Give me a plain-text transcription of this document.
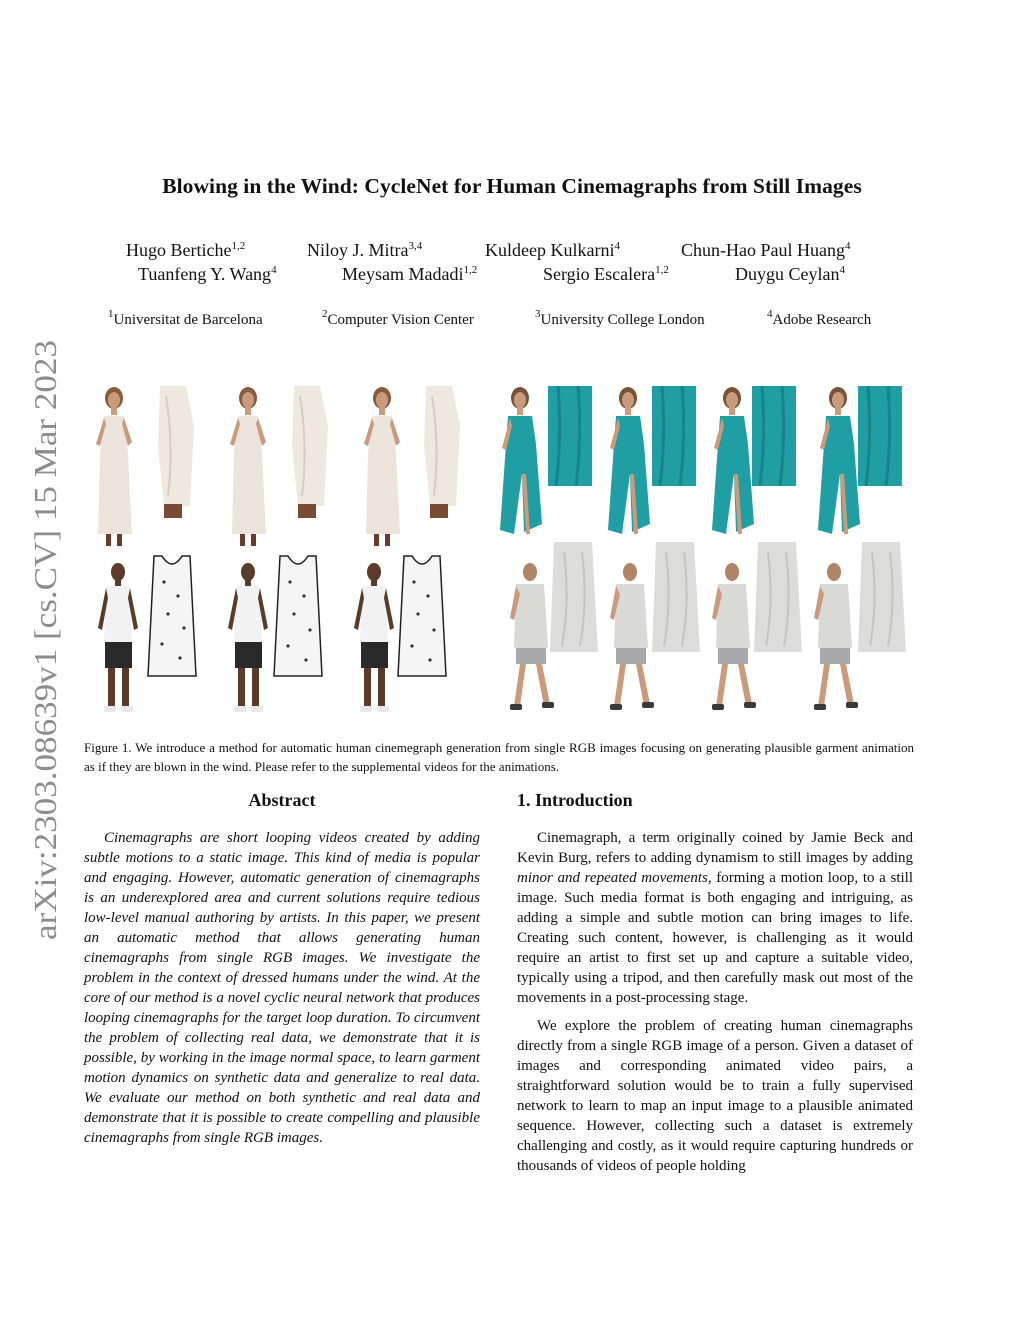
arXiv:2303.08639v1 [cs.CV] 15 Mar 2023
Blowing in the Wind: CycleNet for Human Cinemagraphs from Still Images
Hugo Bertiche$^{1,2}$	Niloy J. Mitra$^{3,4}$	Kuldeep Kulkarni$^4$	Chun-Hao Paul Huang$^4$
Tuanfeng Y. Wang$^4$	Meysam Madadi$^{1,2}$	Sergio Escalera$^{1,2}$	Duygu Ceylan$^4$
$^1$Universitat de Barcelona	$^2$Computer Vision Center	$^3$University College London	$^4$Adobe Research
Figure 1. We introduce a method for automatic human cinemegraph generation from single RGB images focusing on generating plausible garment animation as if they are blown in the wind. Please refer to the supplemental videos for the animations.
Abstract

Cinemagraphs are short looping videos created by adding subtle motions to a static image. This kind of media is popular and engaging. However, automatic generation of cinemagraphs is an underexplored area and current solutions require tedious low-level manual authoring by artists. In this paper, we present an automatic method that allows generating human cinemagraphs from single RGB images. We investigate the problem in the context of dressed humans under the wind. At the core of our method is a novel cyclic neural network that produces looping cinemagraphs for the target loop duration. To circumvent the problem of collecting real data, we demonstrate that it is possible, by working in the image normal space, to learn garment motion dynamics on synthetic data and generalize to real data. We evaluate our method on both synthetic and real data and demonstrate that it is possible to create compelling and plausible cinemagraphs from single RGB images.

1. Introduction

Cinemagraph, a term originally coined by Jamie Beck and Kevin Burg, refers to adding dynamism to still images by adding minor and repeated movements, forming a motion loop, to a still image. Such media format is both engaging and intriguing, as adding a simple and subtle motion can bring images to life. Creating such content, however, is challenging as it would require an artist to first set up and capture a suitable video, typically using a tripod, and then carefully mask out most of the movements in a post-processing stage.

We explore the problem of creating human cinemagraphs directly from a single RGB image of a person. Given a dataset of images and corresponding animated video pairs, a straightforward solution would be to train a fully supervised network to learn to map an input image to a plausible animated sequence. However, collecting such a dataset is extremely challenging and costly, as it would require capturing hundreds or thousands of videos of people holding
